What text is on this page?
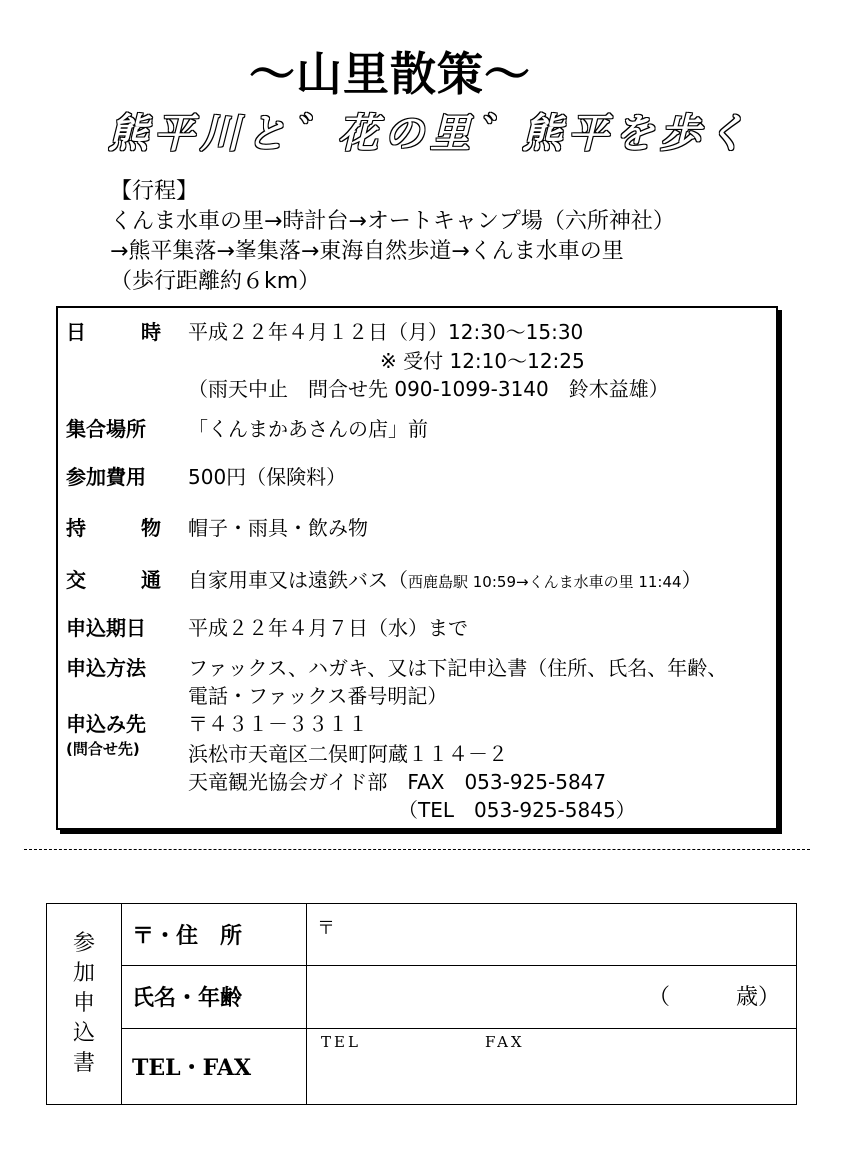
～山里散策～
熊平川と゛花の里゛熊平を歩く
【行程】
くんま水車の里→時計台→オートキャンプ場（六所神社）
→熊平集落→峯集落→東海自然歩道→くんま水車の里
（歩行距離約６km）
日	時 平成２２年４月１２日（月）12:30～15:30
※ 受付 12:10～12:25
（雨天中止　問合せ先 090-1099-3140　鈴木益雄）
集合場所	「くんまかあさんの店」前
参加費用	500円（保険料）
持	物 帽子・雨具・飲み物
交	通 自家用車又は遠鉄バス（西鹿島駅 10:59→くんま水車の里 11:44）
申込期日	平成２２年４月７日（水）まで
申込方法	ファックス、ハガキ、又は下記申込書（住所、氏名、年齢、
電話・ファックス番号明記）
申込み先	〒４３１－３３１１
(問合せ先)	浜松市天竜区二俣町阿蔵１１４－２
天竜観光協会ガイド部　FAX　053-925-5847
（TEL　053-925-5845）
参
加
申
込
書	〒・住　所	〒

	氏名・年齢	（　　　歳）

	TEL・FAX	TEL FAX
